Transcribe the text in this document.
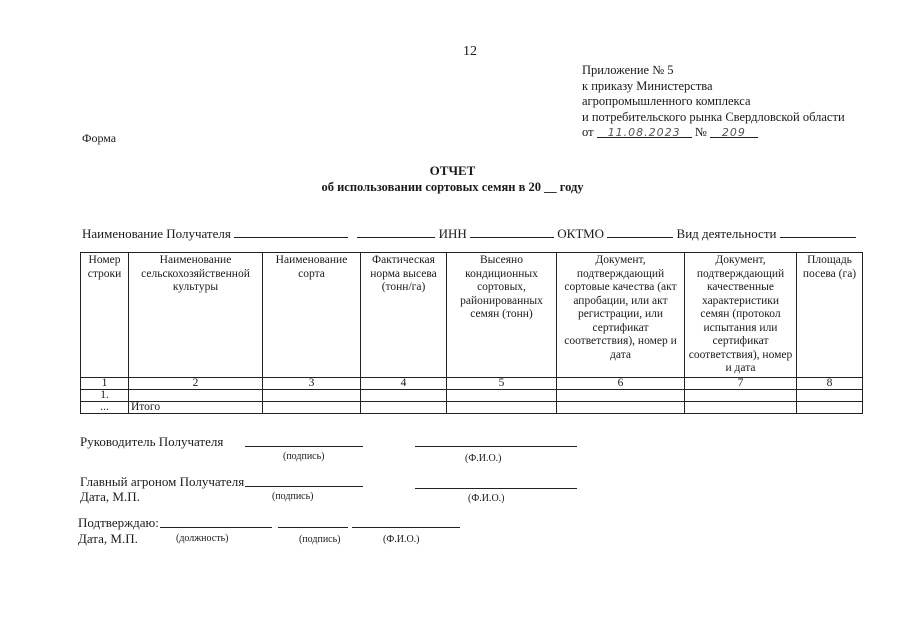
12
Приложение № 5
к приказу Министерства
агропромышленного комплекса
и потребительского рынка Свердловской области
от 11.08.2023 № 209
Форма
ОТЧЕТ
об использовании сортовых семян в 20 __ году
Наименование Получателя	ИНН	ОКТМО	Вид деятельности
Номер строки	Наименование сельскохозяйственной культуры	Наименование сорта	Фактическая норма высева (тонн/га)	Высеяно кондиционных сортовых, районированных семян (тонн)	Документ, подтверждающий сортовые качества (акт апробации, или акт регистрации, или сертификат соответствия), номер и дата	Документ, подтверждающий качественные характеристики семян (протокол испытания или сертификат соответствия), номер и дата	Площадь посева (га)
1	2	3	4	5	6	7	8
1.							
...	Итого						
Руководитель Получателя
(подпись)	(Ф.И.О.)
Главный агроном Получателя
Дата, М.П.	(подпись)	(Ф.И.О.)
Подтверждаю:
Дата, М.П.	(должность)	(подпись)	(Ф.И.О.)
